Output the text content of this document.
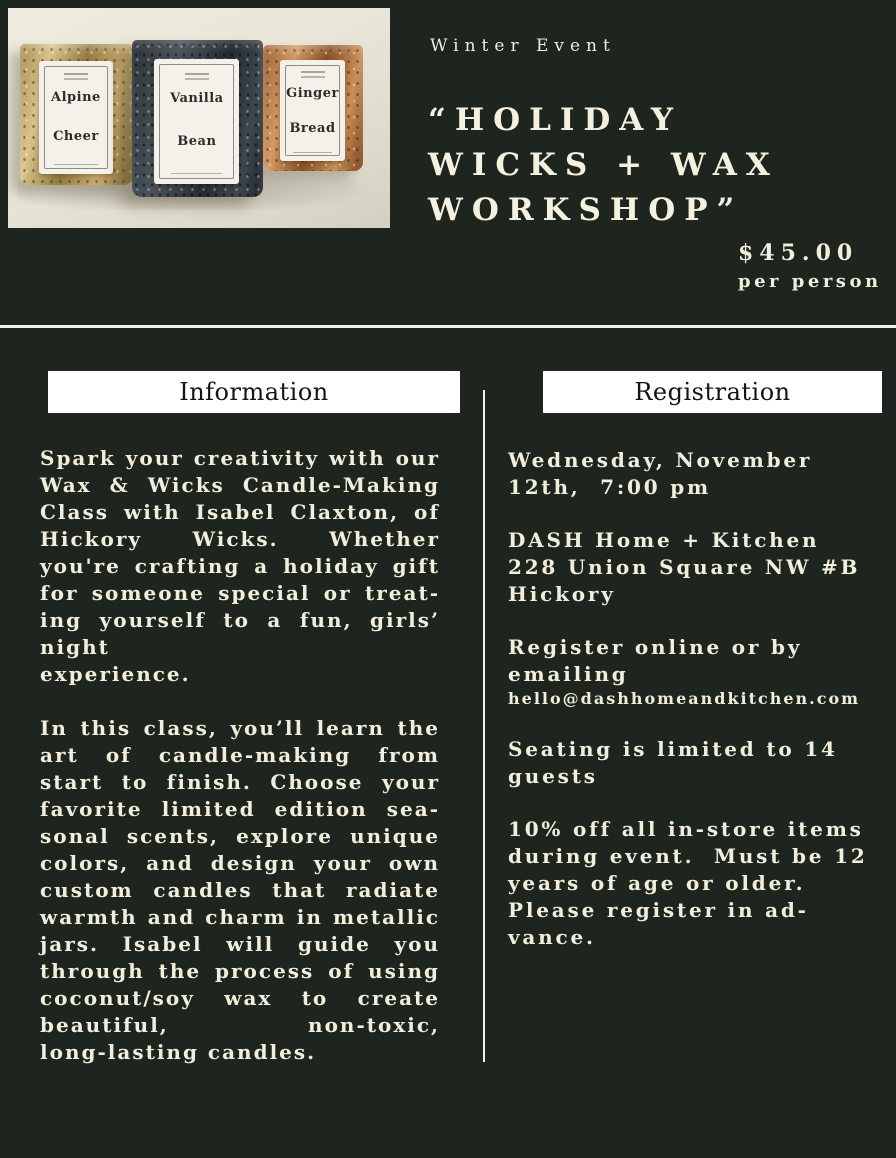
Alpine
Cheer
Ginger
Bread
Vanilla
Bean
Winter Event
“HOLIDAY
WICKS + WAX
WORKSHOP”
$45.00
per person
Information	Registration
Spark your creativity with our
Wax & Wicks Candle-Making
Class with Isabel Claxton, of
Hickory Wicks. Whether
you're crafting a holiday gift
for someone special or treat-
ing yourself to a fun, girls’
night
experience.
In this class, you’ll learn the
art of candle-making from
start to finish. Choose your
favorite limited edition sea-
sonal scents, explore unique
colors, and design your own
custom candles that radiate
warmth and charm in metallic
jars. Isabel will guide you
through the process of using
coconut/soy wax to create
beautiful, non-toxic,
long-lasting candles.
Wednesday, November
12th,  7:00 pm
DASH Home + Kitchen
228 Union Square NW #B
Hickory
Register online or by
emailing
hello@dashhomeandkitchen.com
Seating is limited to 14
guests
10% off all in-store items
during event.  Must be 12
years of age or older.
Please register in ad-
vance.
